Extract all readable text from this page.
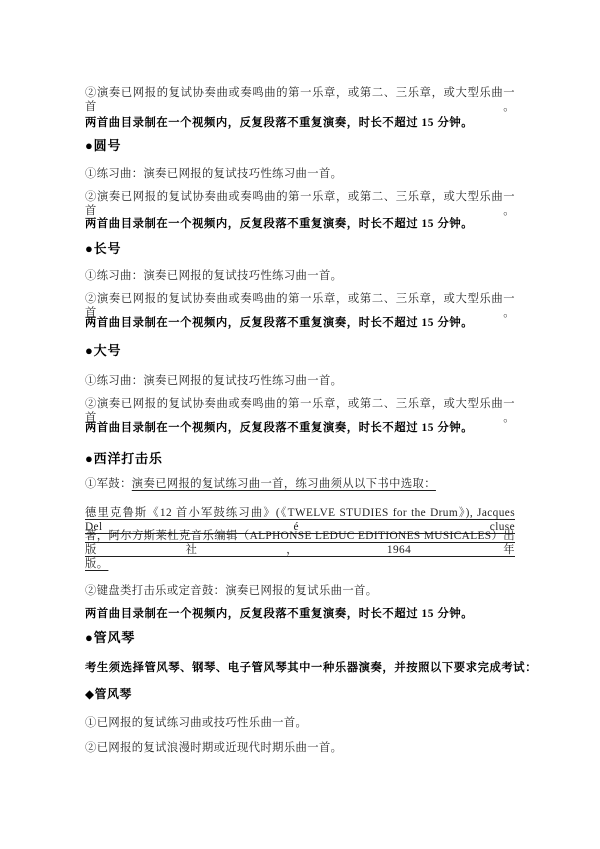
②演奏已网报的复试协奏曲或奏鸣曲的第一乐章，或第二、三乐章，或大型乐曲一首。
两首曲目录制在一个视频内，反复段落不重复演奏，时长不超过 15 分钟。
●圆号
①练习曲：演奏已网报的复试技巧性练习曲一首。
②演奏已网报的复试协奏曲或奏鸣曲的第一乐章，或第二、三乐章，或大型乐曲一首。
两首曲目录制在一个视频内，反复段落不重复演奏，时长不超过 15 分钟。
●长号
①练习曲：演奏已网报的复试技巧性练习曲一首。
②演奏已网报的复试协奏曲或奏鸣曲的第一乐章，或第二、三乐章，或大型乐曲一首。
两首曲目录制在一个视频内，反复段落不重复演奏，时长不超过 15 分钟。
●大号
①练习曲：演奏已网报的复试技巧性练习曲一首。
②演奏已网报的复试协奏曲或奏鸣曲的第一乐章，或第二、三乐章，或大型乐曲一首。
两首曲目录制在一个视频内，反复段落不重复演奏，时长不超过 15 分钟。
●西洋打击乐
①军鼓：演奏已网报的复试练习曲一首，练习曲须从以下书中选取：
德里克鲁斯《12 首小军鼓练习曲》(《TWELVE STUDIES for the Drum》), Jacques Del é cluse
著，阿尔方斯莱杜克音乐编辑（ALPHONSE LEDUC EDITIONES MUSICALES）出版社，1964 年
版。
②键盘类打击乐或定音鼓：演奏已网报的复试乐曲一首。
两首曲目录制在一个视频内，反复段落不重复演奏，时长不超过 15 分钟。
●管风琴
考生须选择管风琴、钢琴、电子管风琴其中一种乐器演奏，并按照以下要求完成考试：
◆管风琴
①已网报的复试练习曲或技巧性乐曲一首。
②已网报的复试浪漫时期或近现代时期乐曲一首。
